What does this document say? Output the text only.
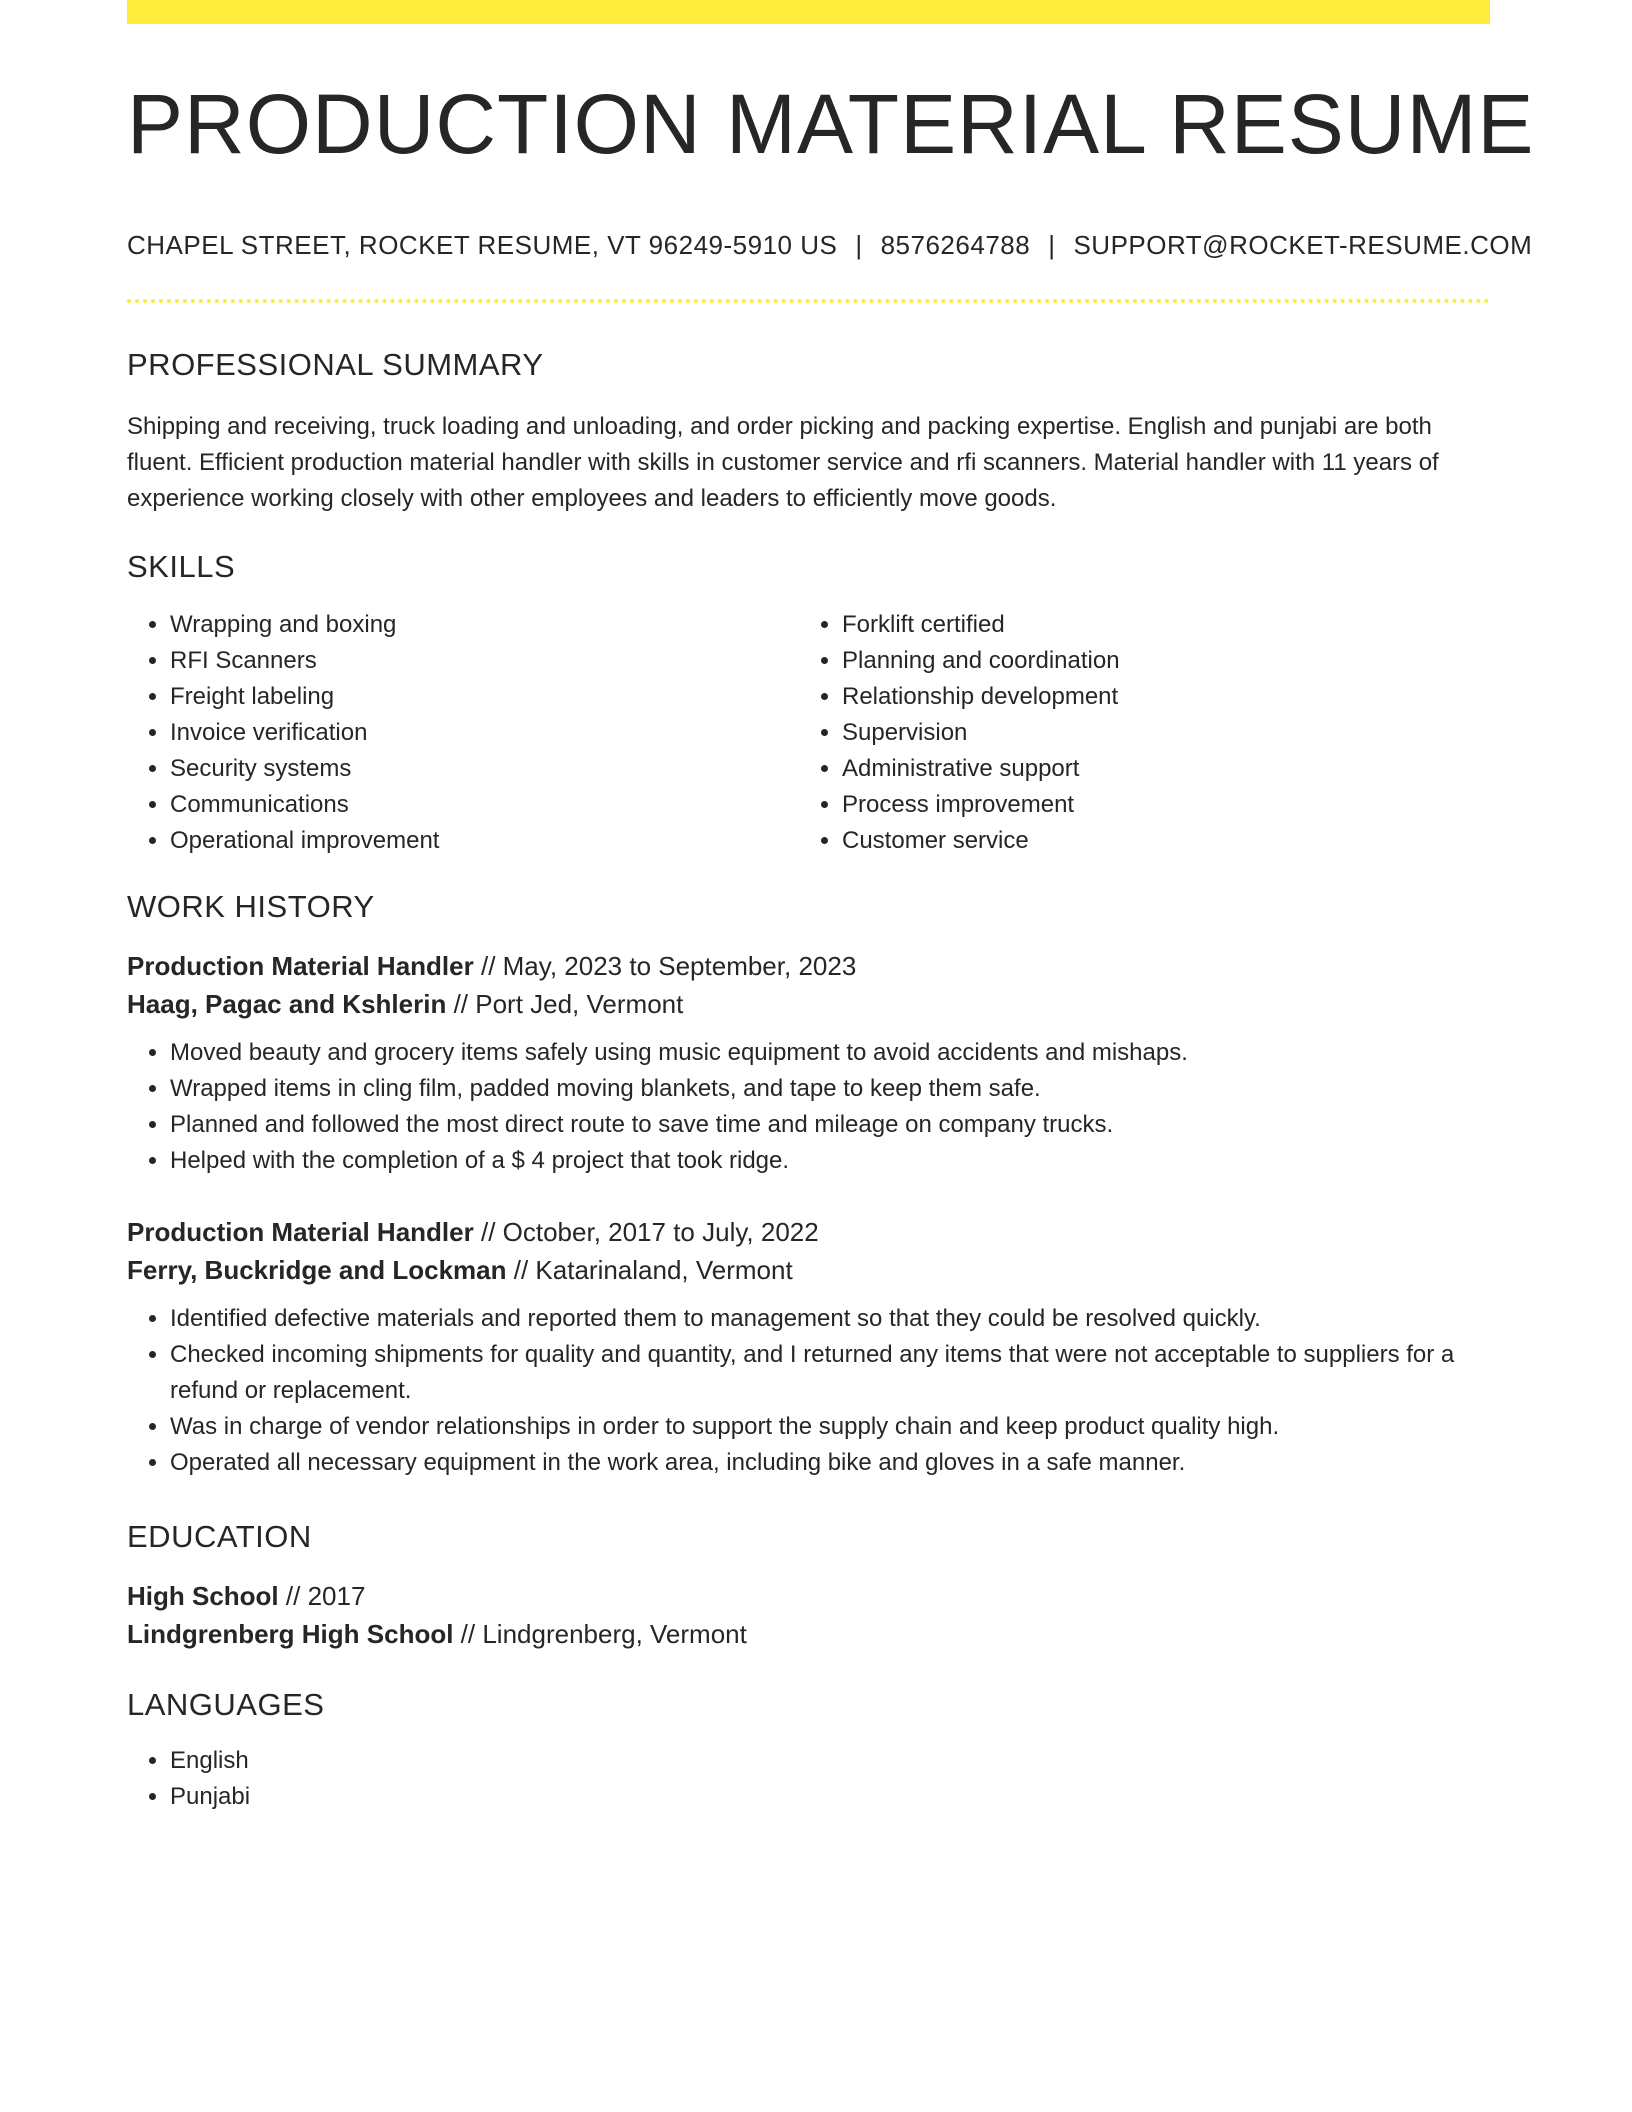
PRODUCTION MATERIAL RESUME
CHAPEL STREET, ROCKET RESUME, VT 96249-5910 US | 8576264788 | SUPPORT@ROCKET-RESUME.COM
PROFESSIONAL SUMMARY

Shipping and receiving, truck loading and unloading, and order picking and packing expertise. English and punjabi are both fluent. Efficient production material handler with skills in customer service and rfi scanners. Material handler with 11 years of experience working closely with other employees and leaders to efficiently move goods.

SKILLS
• Wrapping and boxing
• RFI Scanners
• Freight labeling
• Invoice verification
• Security systems
• Communications
• Operational improvement
• Forklift certified
• Planning and coordination
• Relationship development
• Supervision
• Administrative support
• Process improvement
• Customer service
WORK HISTORY
Production Material Handler // May, 2023 to September, 2023
Haag, Pagac and Kshlerin // Port Jed, Vermont
• Moved beauty and grocery items safely using music equipment to avoid accidents and mishaps.
• Wrapped items in cling film, padded moving blankets, and tape to keep them safe.
• Planned and followed the most direct route to save time and mileage on company trucks.
• Helped with the completion of a $ 4 project that took ridge.
Production Material Handler // October, 2017 to July, 2022
Ferry, Buckridge and Lockman // Katarinaland, Vermont
• Identified defective materials and reported them to management so that they could be resolved quickly.
• Checked incoming shipments for quality and quantity, and I returned any items that were not acceptable to suppliers for a refund or replacement.
• Was in charge of vendor relationships in order to support the supply chain and keep product quality high.
• Operated all necessary equipment in the work area, including bike and gloves in a safe manner.
EDUCATION
High School // 2017
Lindgrenberg High School // Lindgrenberg, Vermont
LANGUAGES
• English
• Punjabi
